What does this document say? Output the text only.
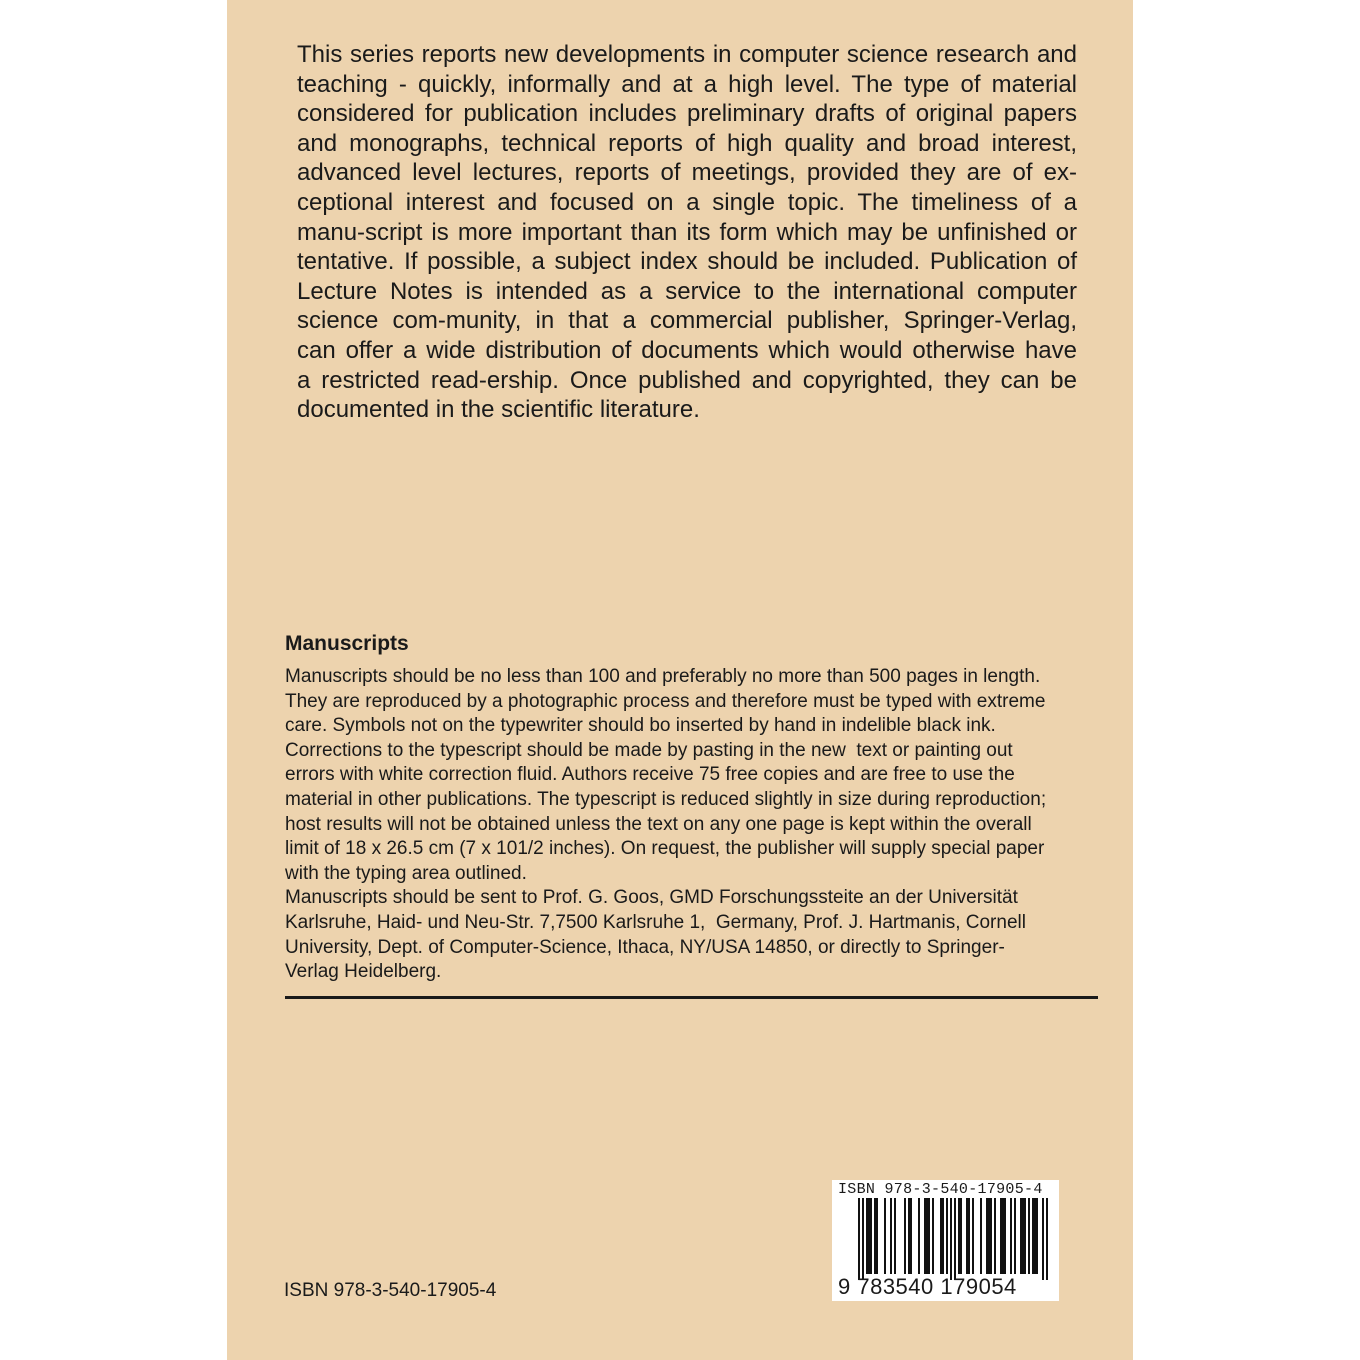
This series reports new developments in computer science research and
teaching - quickly, informally and at a high level. The type of material
considered for publication includes preliminary drafts of original papers
and monographs, technical reports of high quality and broad interest,
advanced level lectures, reports of meetings, provided they are of ex-
ceptional interest and focused on a single topic. The timeliness of a
manu-script is more important than its form which may be unfinished or
tentative. If possible, a subject index should be included. Publication of
Lecture Notes is intended as a service to the international computer
science com-munity, in that a commercial publisher, Springer-Verlag,
can offer a wide distribution of documents which would otherwise have
a restricted read-ership. Once published and copyrighted, they can be
documented in the scientific literature.
Manuscripts
Manuscripts should be no less than 100 and preferably no more than 500 pages in length.
They are reproduced by a photographic process and therefore must be typed with extreme
care. Symbols not on the typewriter should bo inserted by hand in indelible black ink.
Corrections to the typescript should be made by pasting in the new  text or painting out
errors with white correction fluid. Authors receive 75 free copies and are free to use the
material in other publications. The typescript is reduced slightly in size during reproduction;
host results will not be obtained unless the text on any one page is kept within the overall
limit of 18 x 26.5 cm (7 x 101/2 inches). On request, the publisher will supply special paper
with the typing area outlined.
Manuscripts should be sent to Prof. G. Goos, GMD Forschungssteite an der Universität
Karlsruhe, Haid- und Neu-Str. 7,7500 Karlsruhe 1,  Germany, Prof. J. Hartmanis, Cornell
University, Dept. of Computer-Science, Ithaca, NY/USA 14850, or directly to Springer-
Verlag Heidelberg.

ISBN 978-3-540-17905-4

ISBN 978-3-540-17905-4
9 783540 179054
